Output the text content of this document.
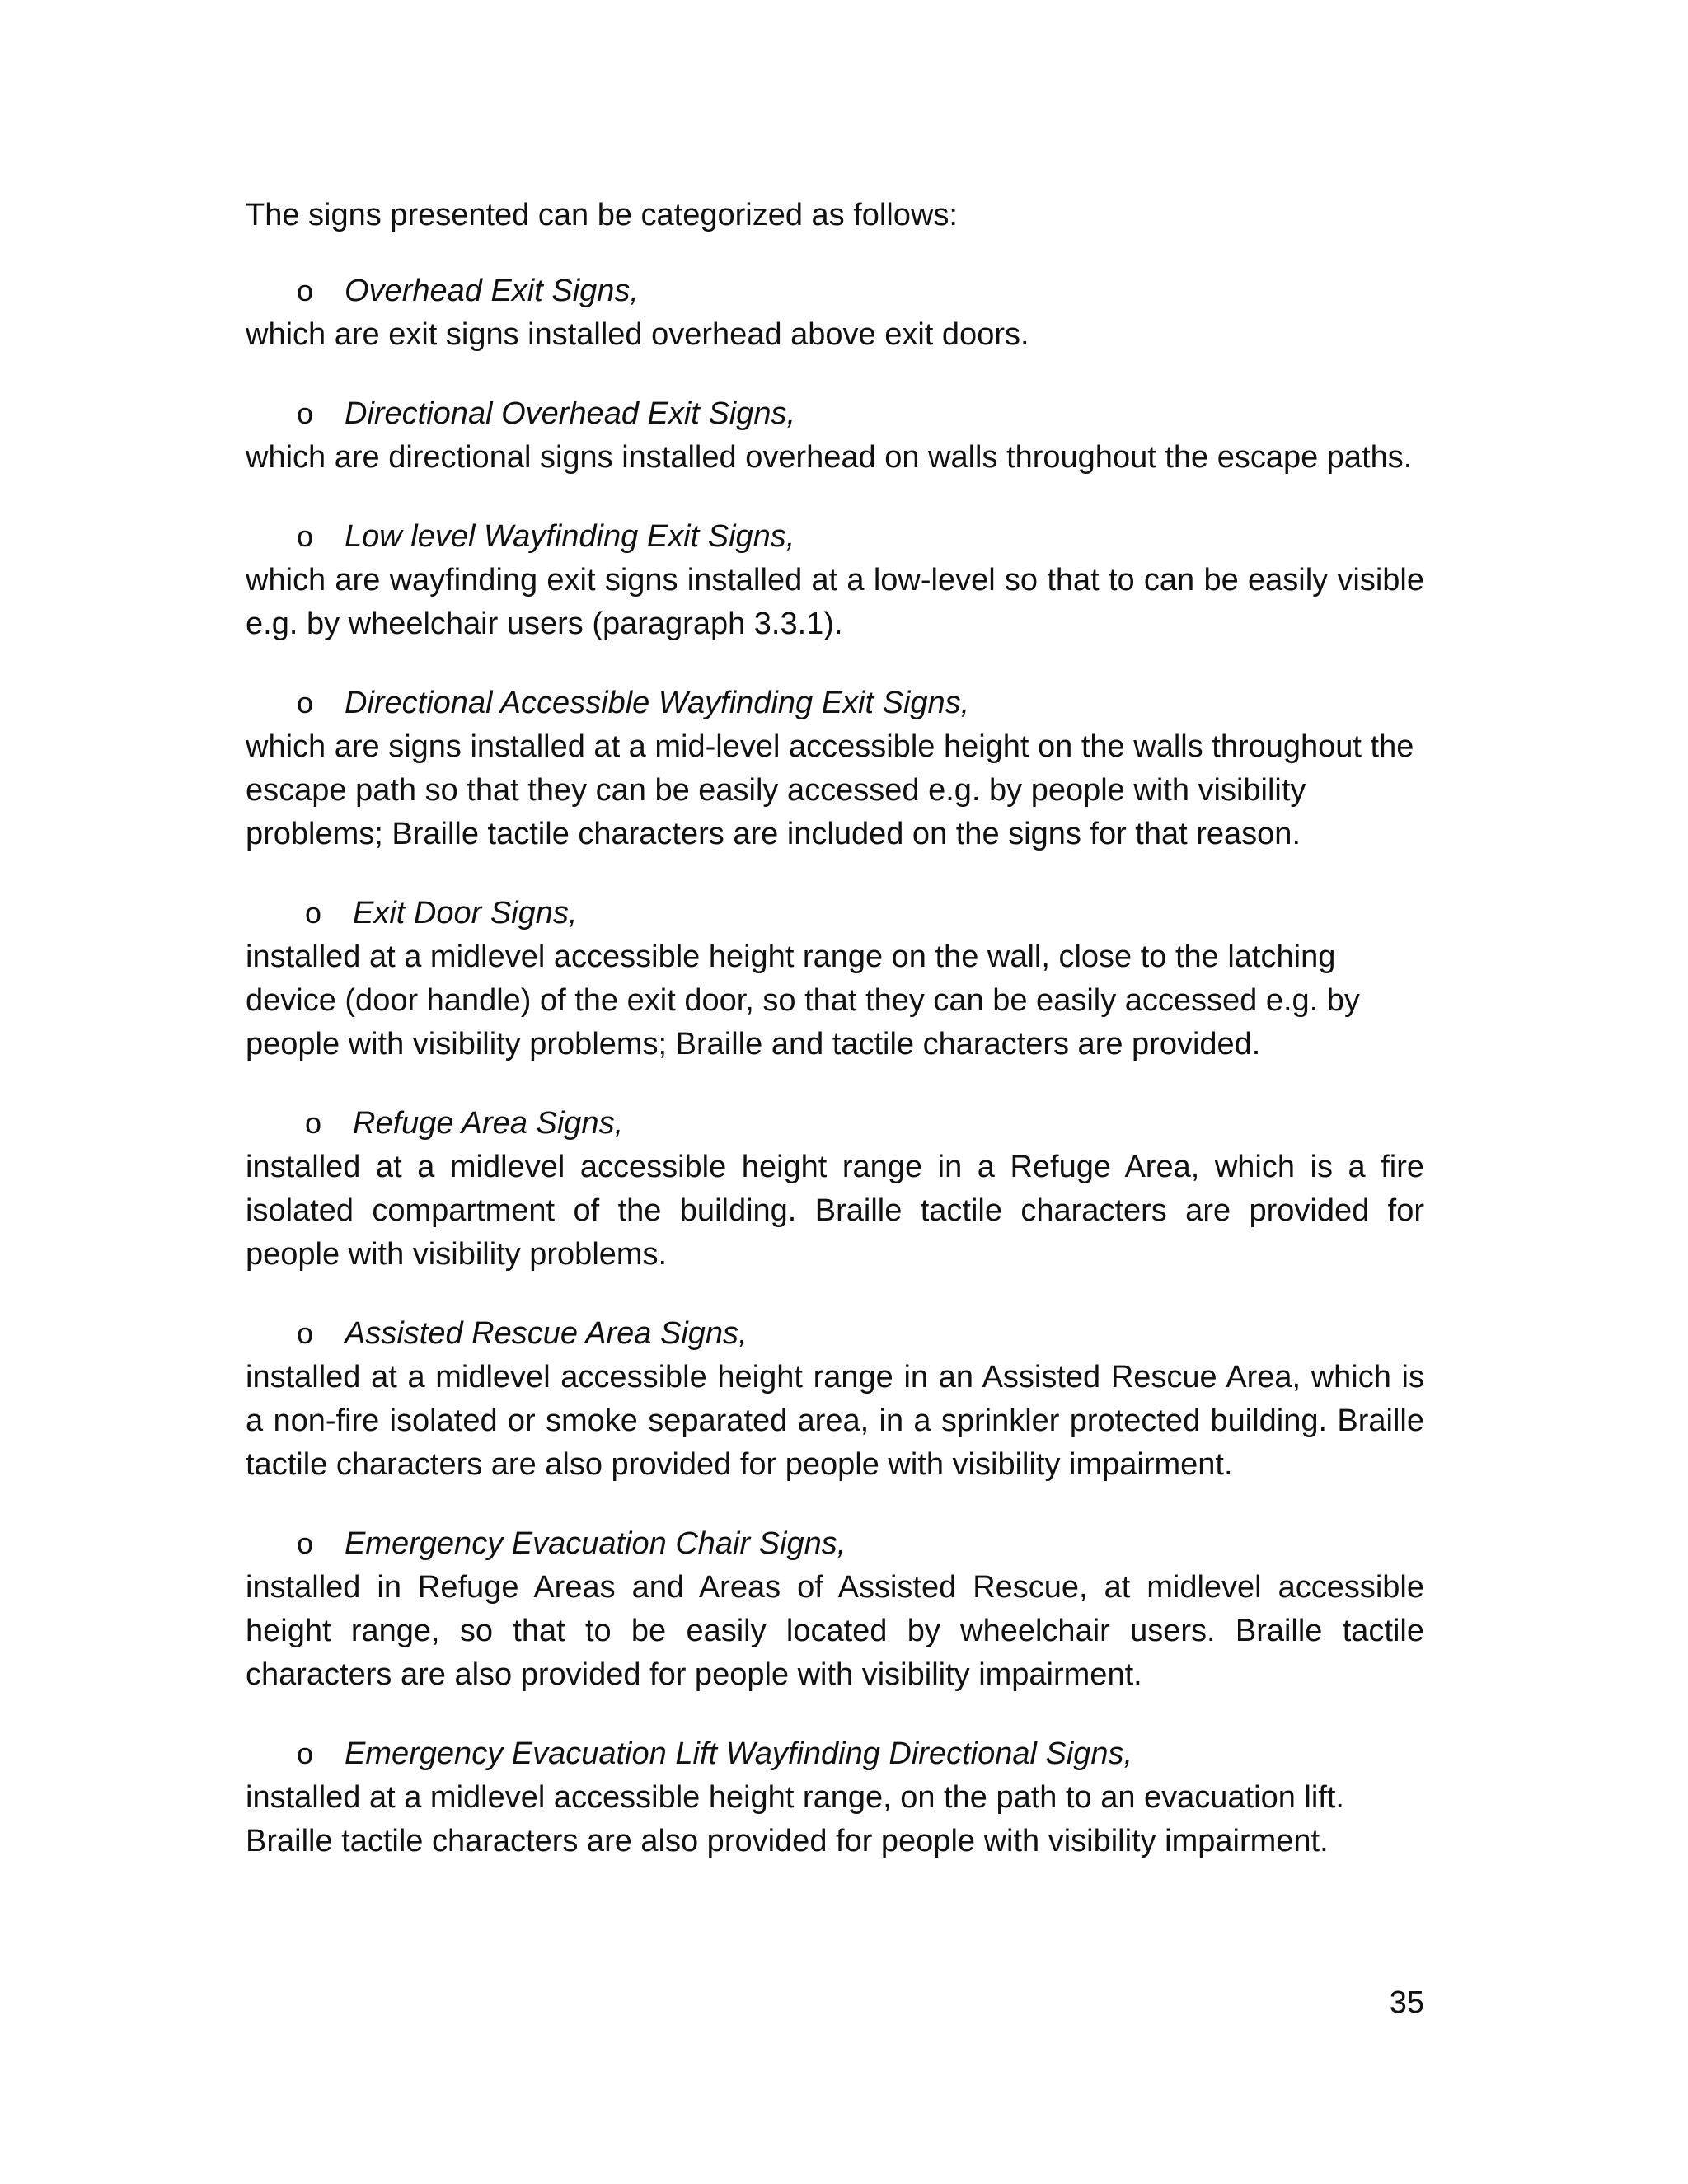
The signs presented can be categorized as follows:

o Overhead Exit Signs,

which are exit signs installed overhead above exit doors.

o Directional Overhead Exit Signs,

which are directional signs installed overhead on walls throughout the escape paths.

o Low level Wayfinding Exit Signs,

which are wayfinding exit signs installed at a low-level so that to can be easily visible e.g. by wheelchair users (paragraph 3.3.1).

o Directional Accessible Wayfinding Exit Signs,

which are signs installed at a mid-level accessible height on the walls throughout the escape path so that they can be easily accessed e.g. by people with visibility problems; Braille tactile characters are included on the signs for that reason.

o Exit Door Signs,

installed at a midlevel accessible height range on the wall, close to the latching device (door handle) of the exit door, so that they can be easily accessed e.g. by people with visibility problems; Braille and tactile characters are provided.

o Refuge Area Signs,

installed at a midlevel accessible height range in a Refuge Area, which is a fire isolated compartment of the building. Braille tactile characters are provided for people with visibility problems.

o Assisted Rescue Area Signs,

installed at a midlevel accessible height range in an Assisted Rescue Area, which is a non-fire isolated or smoke separated area, in a sprinkler protected building. Braille tactile characters are also provided for people with visibility impairment.

o Emergency Evacuation Chair Signs,

installed in Refuge Areas and Areas of Assisted Rescue, at midlevel accessible height range, so that to be easily located by wheelchair users. Braille tactile characters are also provided for people with visibility impairment.

o Emergency Evacuation Lift Wayfinding Directional Signs,

installed at a midlevel accessible height range, on the path to an evacuation lift. Braille tactile characters are also provided for people with visibility impairment.

35
